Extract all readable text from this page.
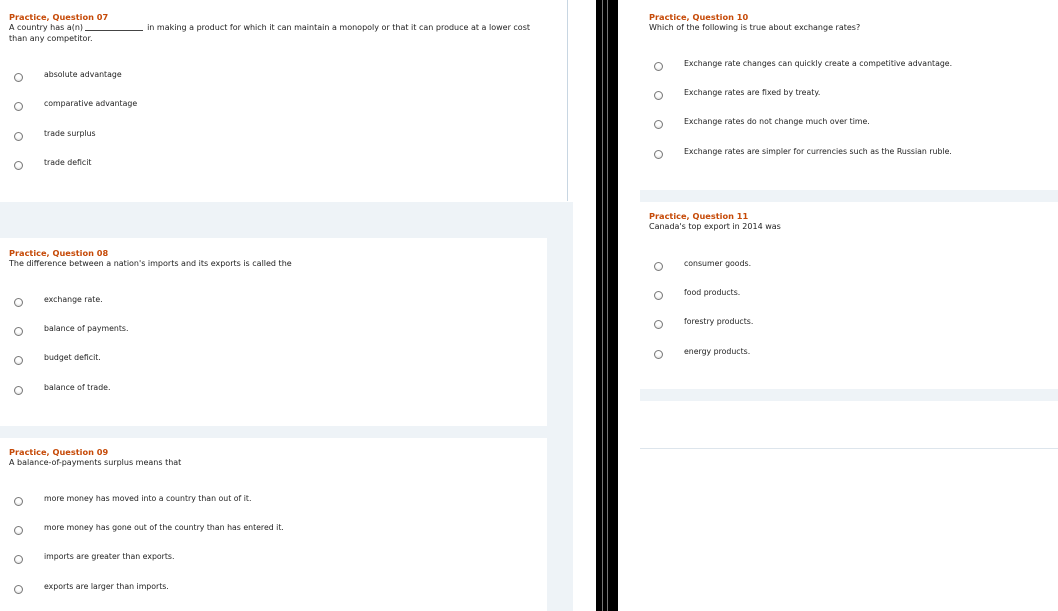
Practice, Question 07
A country has a(n)	in making a product for which it can maintain a monopoly or that it can produce at a lower cost
than any competitor.
absolute advantage
comparative advantage
trade surplus
trade deficit
Practice, Question 08
The difference between a nation's imports and its exports is called the
exchange rate.
balance of payments.
budget deficit.
balance of trade.
Practice, Question 09
A balance-of-payments surplus means that
more money has moved into a country than out of it.
more money has gone out of the country than has entered it.
imports are greater than exports.
exports are larger than imports.
Practice, Question 10
Which of the following is true about exchange rates?
Exchange rate changes can quickly create a competitive advantage.
Exchange rates are fixed by treaty.
Exchange rates do not change much over time.
Exchange rates are simpler for currencies such as the Russian ruble.
Practice, Question 11
Canada's top export in 2014 was
consumer goods.
food products.
forestry products.
energy products.
